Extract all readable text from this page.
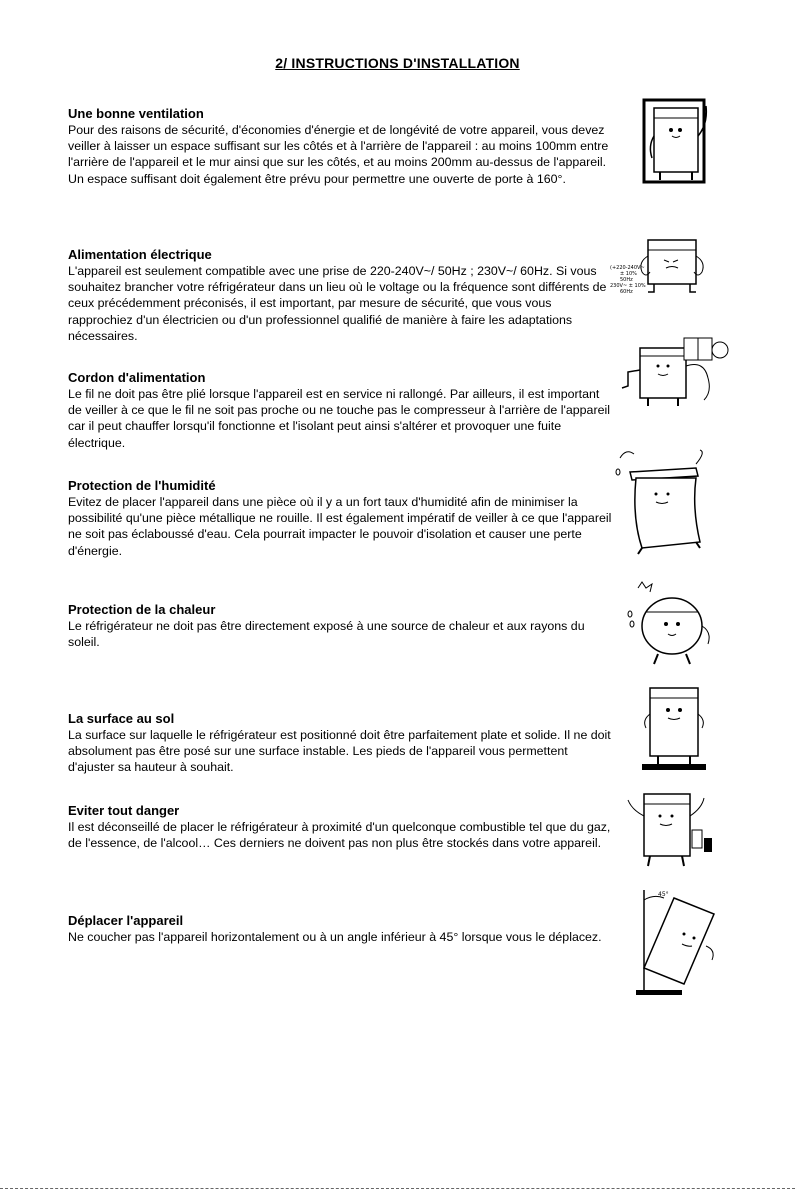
2/ INSTRUCTIONS D'INSTALLATION
Une bonne ventilation

Pour des raisons de sécurité, d'économies d'énergie et de longévité de votre appareil, vous devez veiller à laisser un espace suffisant sur les côtés et à l'arrière de l'appareil : au moins 100mm entre l'arrière de l'appareil et le mur ainsi que sur les côtés, et au moins 200mm au-dessus de l'appareil. Un espace suffisant doit également être prévu pour permettre une ouverte de porte à 160°.

Alimentation électrique

L'appareil est seulement compatible avec une prise de 220-240V~/ 50Hz ; 230V~/ 60Hz. Si vous souhaitez brancher votre réfrigérateur dans un lieu où le voltage ou la fréquence sont différents de ceux précédemment préconisés, il est important, par mesure de sécurité, que vous vous rapprochiez d'un électricien ou d'un professionnel qualifié de manière à faire les adaptations nécessaires.

(+220-240V~
± 10%
50Hz
230V~ ± 10%
60Hz
Cordon d'alimentation

Le fil ne doit pas être plié lorsque l'appareil est en service ni rallongé. Par ailleurs, il est important de veiller à ce que le fil ne soit pas proche ou ne touche pas le compresseur à l'arrière de l'appareil car il peut chauffer lorsqu'il fonctionne et l'isolant peut ainsi s'altérer et provoquer une fuite électrique.

Protection de l'humidité

Evitez de placer l'appareil dans une pièce où il y a un fort taux d'humidité afin de minimiser la possibilité qu'une pièce métallique ne rouille. Il est également impératif de veiller à ce que l'appareil ne soit pas éclaboussé d'eau. Cela pourrait impacter le pouvoir d'isolation et causer une perte d'énergie.

Protection de la chaleur

Le réfrigérateur ne doit pas être directement exposé à une source de chaleur et aux rayons du soleil.

La surface au sol

La surface sur laquelle le réfrigérateur est positionné doit être parfaitement plate et solide. Il ne doit absolument pas être posé sur une surface instable. Les pieds de l'appareil vous permettent d'ajuster sa hauteur à souhait.

Eviter tout danger

Il est déconseillé de placer le réfrigérateur à proximité d'un quelconque combustible tel que du gaz, de l'essence, de l'alcool… Ces derniers ne doivent pas non plus être stockés dans votre appareil.

Déplacer l'appareil

Ne coucher pas l'appareil horizontalement ou à un angle inférieur à 45° lorsque vous le déplacez.

45°
